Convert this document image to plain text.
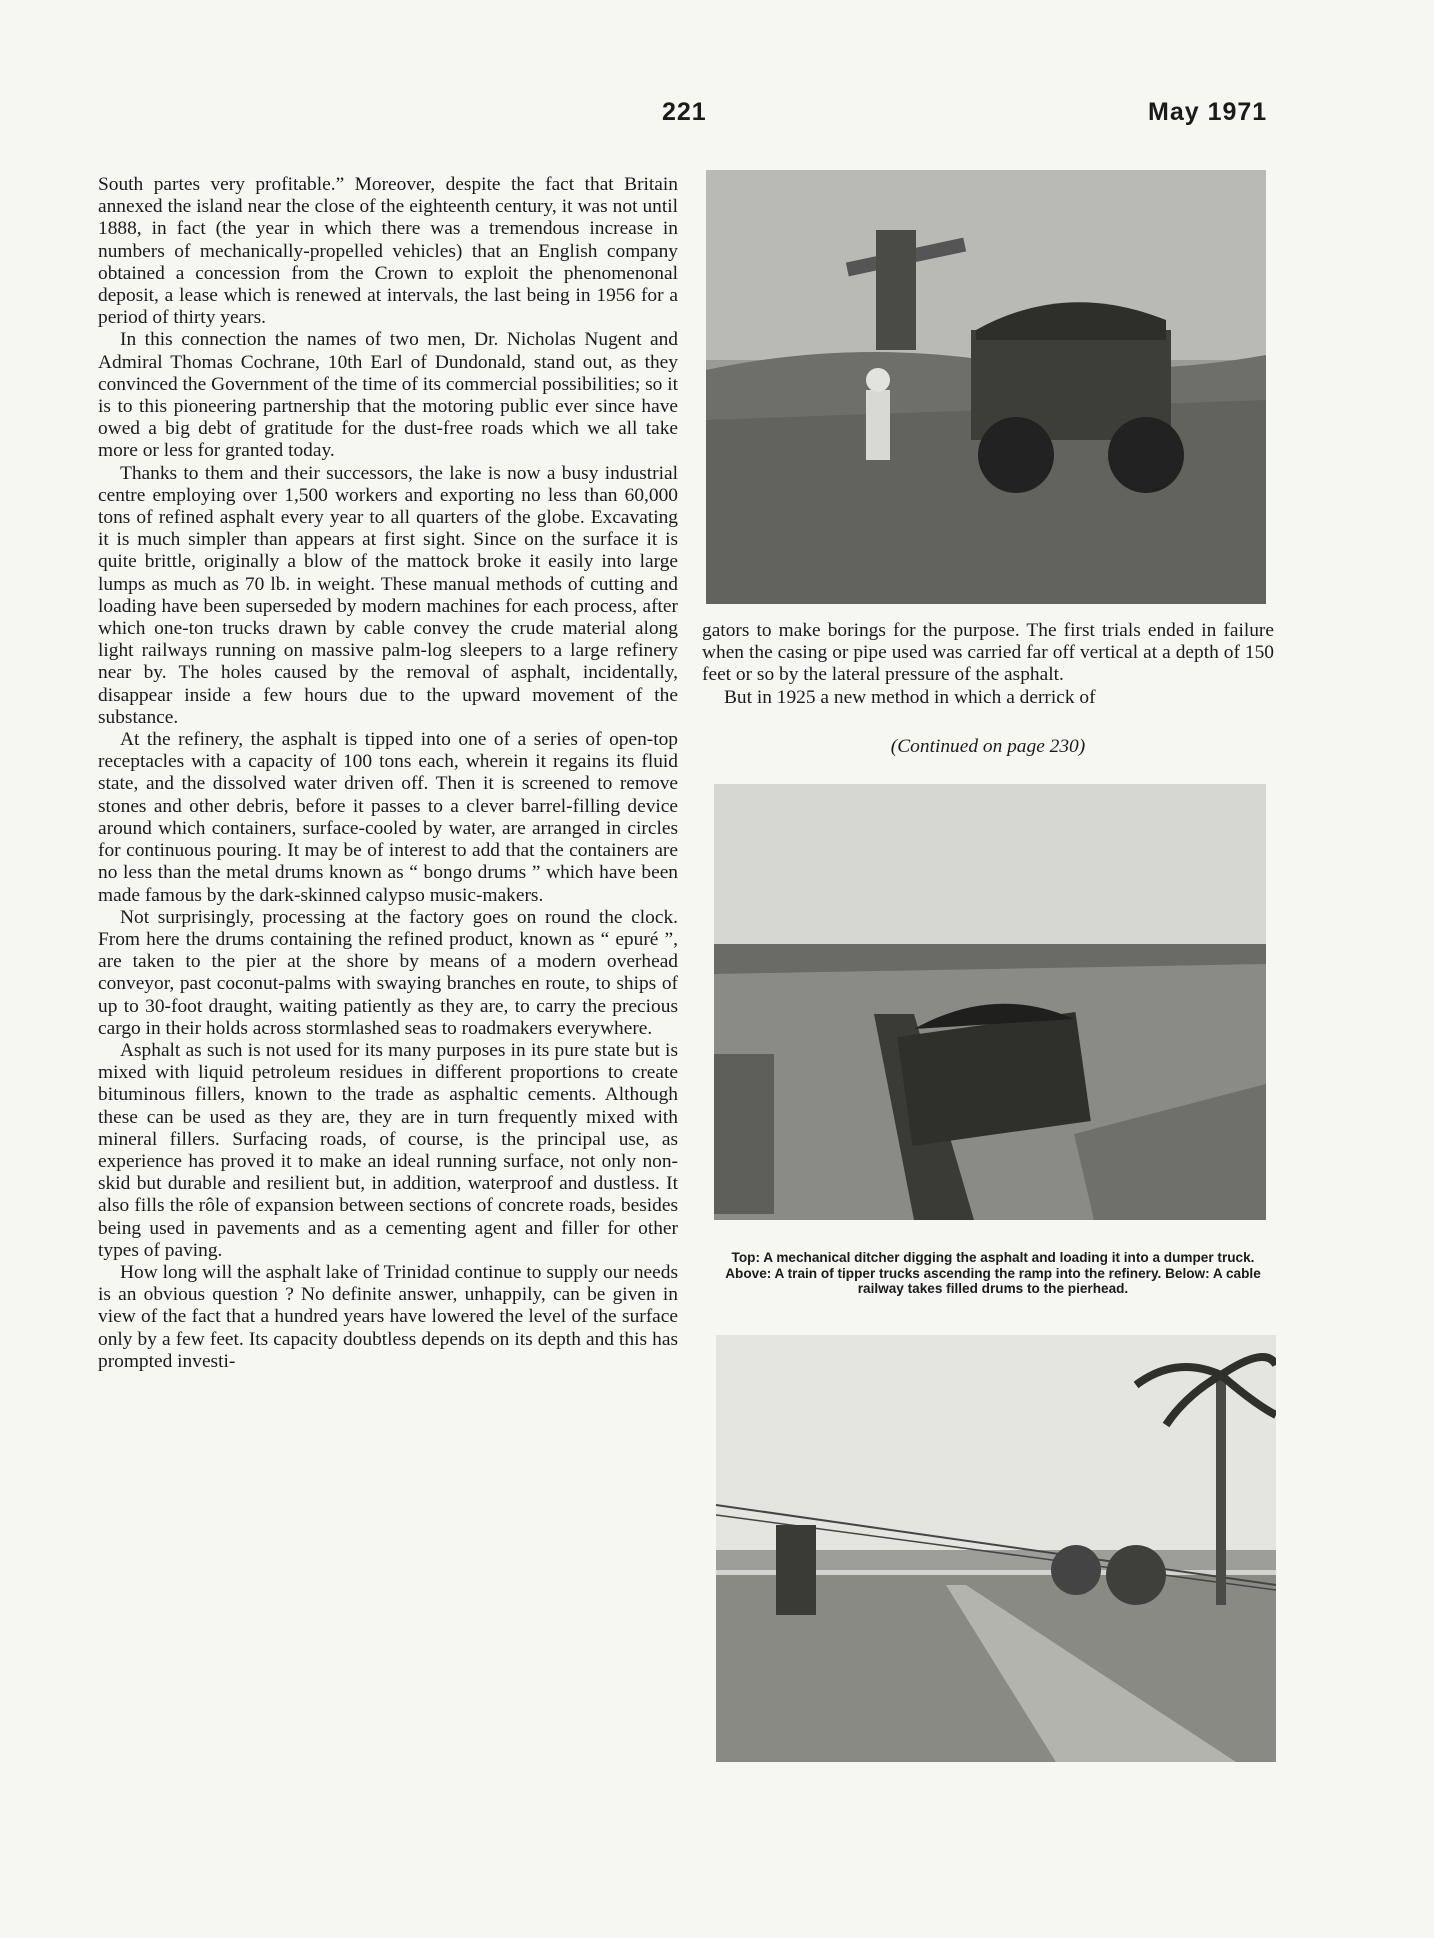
221	May 1971

South partes very profitable.” Moreover, despite the fact that Britain annexed the island near the close of the eighteenth century, it was not until 1888, in fact (the year in which there was a tremendous increase in numbers of mechanically-propelled vehicles) that an English company obtained a concession from the Crown to exploit the phenomenonal deposit, a lease which is renewed at intervals, the last being in 1956 for a period of thirty years.

In this connection the names of two men, Dr. Nicholas Nugent and Admiral Thomas Cochrane, 10th Earl of Dundonald, stand out, as they convinced the Government of the time of its commercial possibilities; so it is to this pioneering partnership that the motoring public ever since have owed a big debt of gratitude for the dust-free roads which we all take more or less for granted today.

Thanks to them and their successors, the lake is now a busy industrial centre employing over 1,500 workers and exporting no less than 60,000 tons of refined asphalt every year to all quarters of the globe. Excavating it is much simpler than appears at first sight. Since on the surface it is quite brittle, originally a blow of the mattock broke it easily into large lumps as much as 70 lb. in weight. These manual methods of cutting and loading have been superseded by modern machines for each process, after which one-ton trucks drawn by cable convey the crude material along light railways running on massive palm-log sleepers to a large refinery near by. The holes caused by the removal of asphalt, incidentally, disappear inside a few hours due to the upward movement of the substance.

At the refinery, the asphalt is tipped into one of a series of open-top receptacles with a capacity of 100 tons each, wherein it regains its fluid state, and the dissolved water driven off. Then it is screened to remove stones and other debris, before it passes to a clever barrel-filling device around which containers, surface-cooled by water, are arranged in circles for continuous pouring. It may be of interest to add that the containers are no less than the metal drums known as “ bongo drums ” which have been made famous by the dark-skinned calypso music-makers.

Not surprisingly, processing at the factory goes on round the clock. From here the drums containing the refined product, known as “ epuré ”, are taken to the pier at the shore by means of a modern overhead conveyor, past coconut-palms with swaying branches en route, to ships of up to 30-foot draught, waiting patiently as they are, to carry the precious cargo in their holds across stormlashed seas to roadmakers everywhere.

Asphalt as such is not used for its many purposes in its pure state but is mixed with liquid petroleum residues in different proportions to create bituminous fillers, known to the trade as asphaltic cements. Although these can be used as they are, they are in turn frequently mixed with mineral fillers. Surfacing roads, of course, is the principal use, as experience has proved it to make an ideal running surface, not only non-skid but durable and resilient but, in addition, waterproof and dustless. It also fills the rôle of expansion between sections of concrete roads, besides being used in pavements and as a cementing agent and filler for other types of paving.

How long will the asphalt lake of Trinidad continue to supply our needs is an obvious question ? No definite answer, unhappily, can be given in view of the fact that a hundred years have lowered the level of the surface only by a few feet. Its capacity doubtless depends on its depth and this has prompted investi-

gators to make borings for the purpose. The first trials ended in failure when the casing or pipe used was carried far off vertical at a depth of 150 feet or so by the lateral pressure of the asphalt.

But in 1925 a new method in which a derrick of

(Continued on page 230)
Top: A mechanical ditcher digging the asphalt and loading it into a dumper truck. Above: A train of tipper trucks ascending the ramp into the refinery. Below: A cable railway takes filled drums to the pierhead.
